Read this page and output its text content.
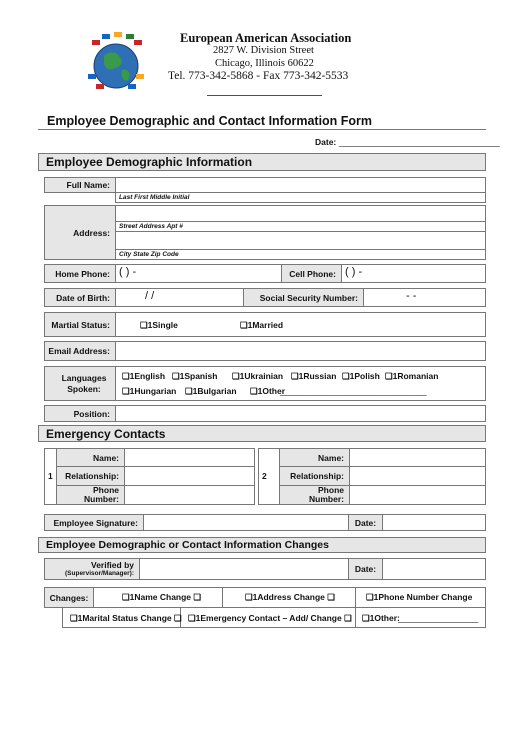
European American Association
2827 W. Division Street
Chicago, Illinois 60622
Tel. 773-342-5868 - Fax 773-342-5533
Employee Demographic and Contact Information Form
Date: __________________________________
Employee Demographic Information
Full Name:
Last First Middle Initial
Address:
Street Address Apt #
City State Zip Code
Home Phone: ( ) -	Cell Phone: ( ) -
Date of Birth:	/ /	Social Security Number:	- -
Martial Status:	❏1Single	❏1Married
Email Address:
Languages Spoken:
❏1English ❏1Spanish ❏1Ukrainian ❏1Russian ❏1Polish ❏1Romanian
❏1Hungarian ❏1Bulgarian ❏1Other
_______________________________
Position:
Emergency Contacts
1
Name:
Relationship:
Phone Number:
2
Name:
Relationship:
Phone Number:
Employee Signature:	Date:
Employee Demographic or Contact Information Changes
Verified by
(Supervisor/Manager):	Date:
Changes:	❏1Name Change ❏	❏1Address Change ❏	❏1Phone Number Change
❏1Marital Status Change ❏ ❏1Emergency Contact – Add/ Change ❏ ❏1Other:
_________________
